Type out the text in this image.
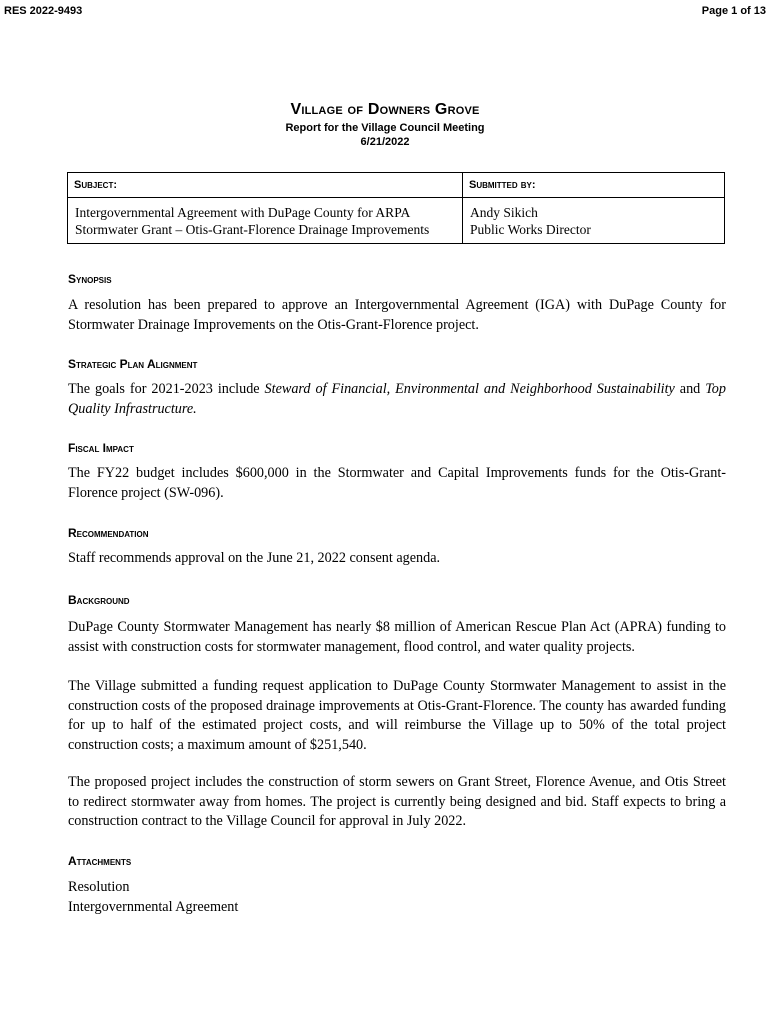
RES 2022-9493	Page 1 of 13
Village of Downers Grove
Report for the Village Council Meeting
6/21/2022
Subject:	Submitted by:

Intergovernmental Agreement with DuPage County for ARPA
Stormwater Grant – Otis-Grant-Florence Drainage Improvements	Andy Sikich
Public Works Director
Synopsis
A resolution has been prepared to approve an Intergovernmental Agreement (IGA) with DuPage County for Stormwater Drainage Improvements on the Otis-Grant-Florence project.
Strategic Plan Alignment
The goals for 2021-2023 include Steward of Financial, Environmental and Neighborhood Sustainability and Top Quality Infrastructure.
Fiscal Impact
The FY22 budget includes $600,000 in the Stormwater and Capital Improvements funds for the Otis-Grant-Florence project (SW-096).
Recommendation
Staff recommends approval on the June 21, 2022 consent agenda.
Background
DuPage County Stormwater Management has nearly $8 million of American Rescue Plan Act (APRA) funding to assist with construction costs for stormwater management, flood control, and water quality projects.
The Village submitted a funding request application to DuPage County Stormwater Management to assist in the construction costs of the proposed drainage improvements at Otis-Grant-Florence. The county has awarded funding for up to half of the estimated project costs, and will reimburse the Village up to 50% of the total project construction costs; a maximum amount of $251,540.
The proposed project includes the construction of storm sewers on Grant Street, Florence Avenue, and Otis Street to redirect stormwater away from homes. The project is currently being designed and bid. Staff expects to bring a construction contract to the Village Council for approval in July 2022.
Attachments
Resolution
Intergovernmental Agreement
